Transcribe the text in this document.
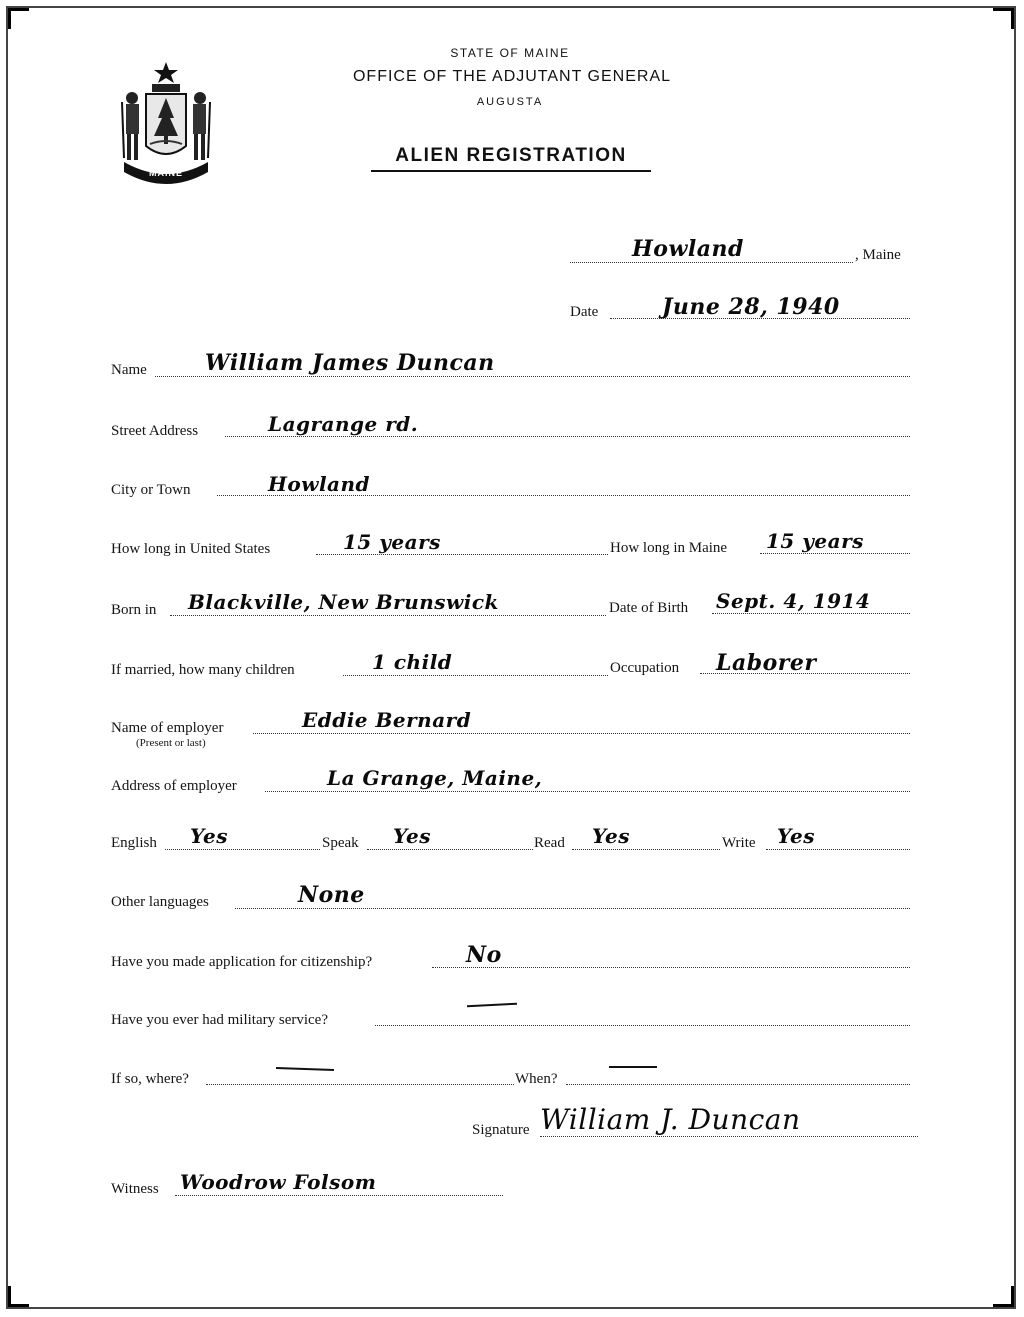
MAINE
STATE OF MAINE
OFFICE OF THE ADJUTANT GENERAL
AUGUSTA
ALIEN REGISTRATION
Howland	, Maine
Date	June 28, 1940
Name	William James Duncan
Street Address	Lagrange rd.
City or Town	Howland
How long in United States	15 years	How long in Maine 15 years
Born in Blackville, New Brunswick	Date of Birth Sept. 4, 1914
If married, how many children	1 child	Occupation Laborer
Name of employer
(Present or last)
Eddie Bernard
Address of employer	La Grange, Maine,
English Yes	Speak Yes	Read Yes	Write Yes
Other languages	None
Have you made application for citizenship?	No
Have you ever had military service?
If so, where?	When?
Signature William J. Duncan
Witness Woodrow Folsom
